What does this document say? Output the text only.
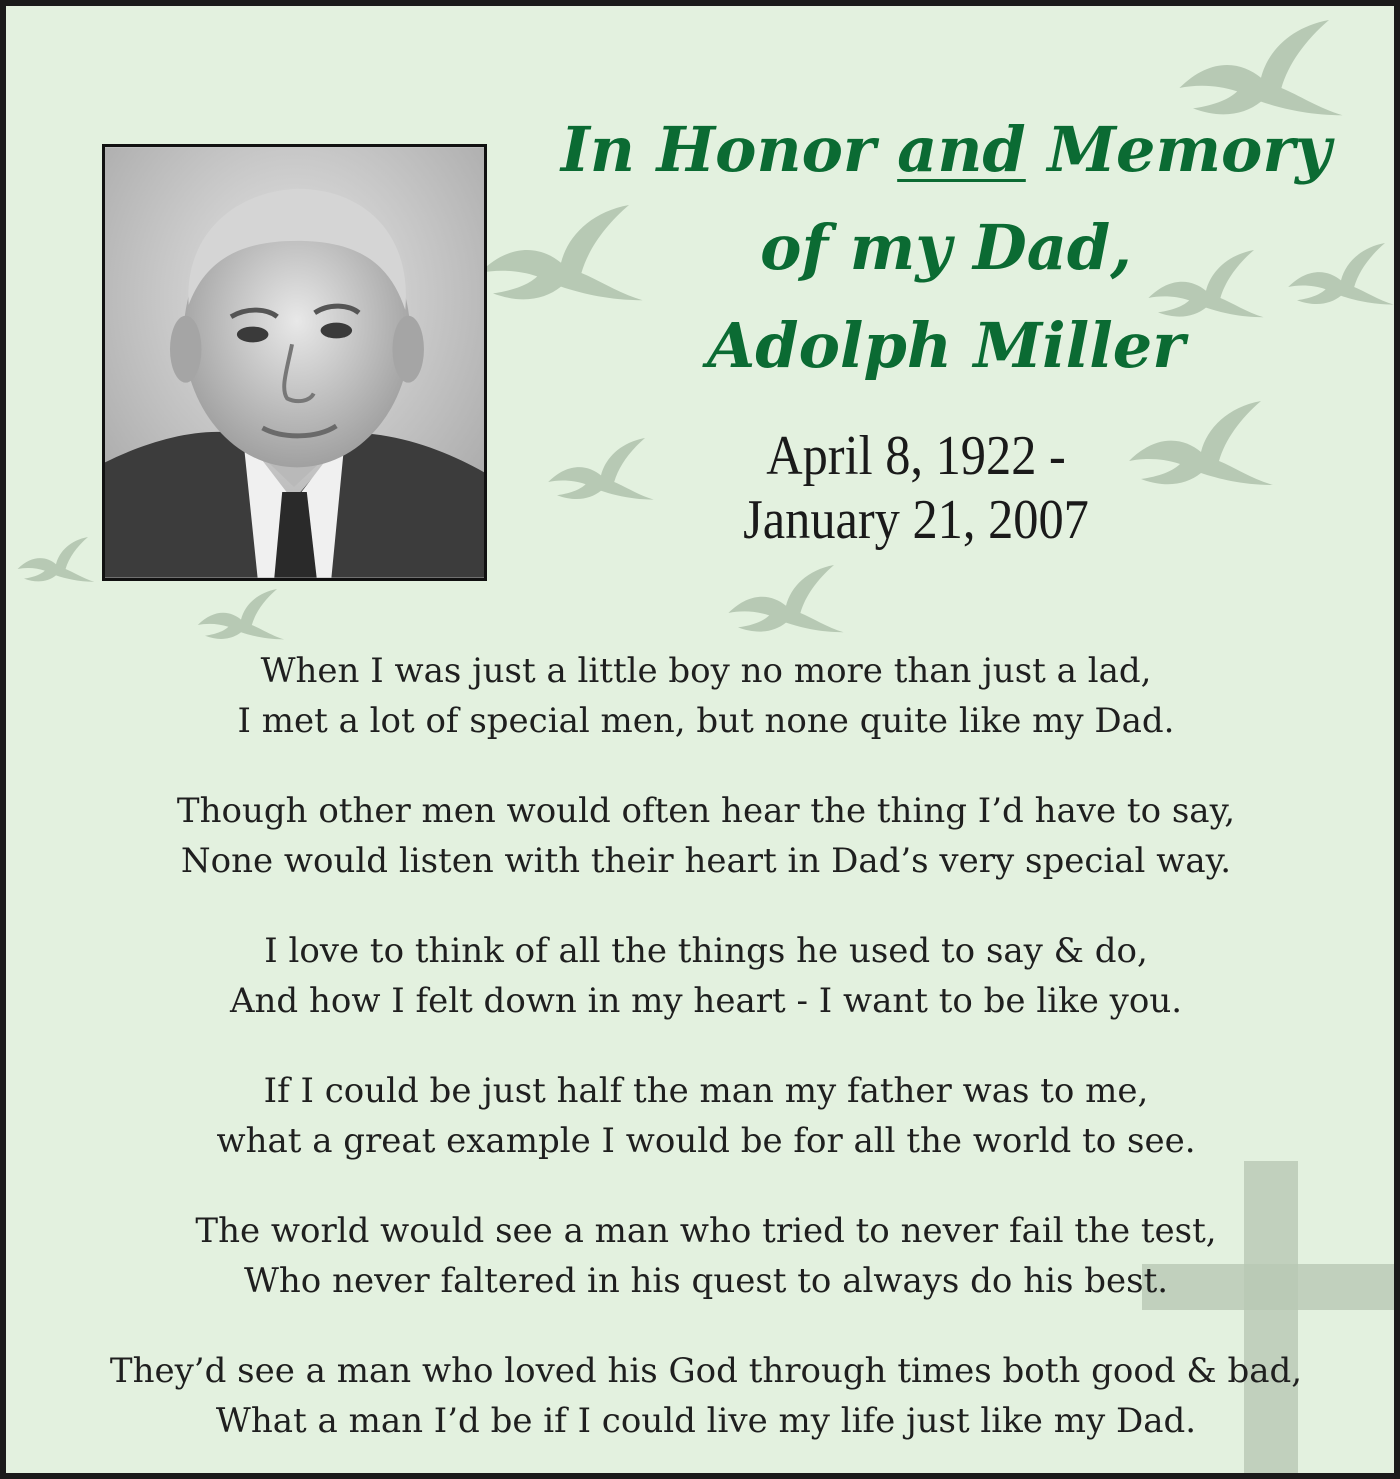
In Honor and Memory
of my Dad,
Adolph Miller
April 8, 1922 -
January 21, 2007
When I was just a little boy no more than just a lad,
I met a lot of special men, but none quite like my Dad.
Though other men would often hear the thing I’d have to say,
None would listen with their heart in Dad’s very special way.
I love to think of all the things he used to say & do,
And how I felt down in my heart - I want to be like you.
If I could be just half the man my father was to me,
what a great example I would be for all the world to see.
The world would see a man who tried to never fail the test,
Who never faltered in his quest to always do his best.
They’d see a man who loved his God through times both good & bad,
What a man I’d be if I could live my life just like my Dad.
